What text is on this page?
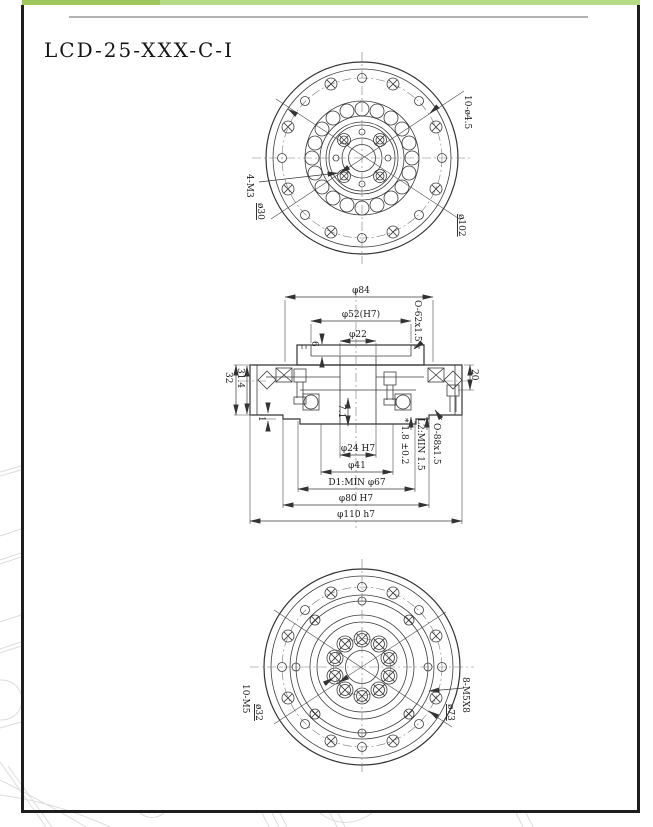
10-ø4.5
4-M3
ø30
ø102
φ84
φ52(H7)
φ22	O-62x1.5
32 31.4
6
20
1
7.1
φ24 H7
φ41
D1:MIN φ67
φ80 H7
φ110 h7
* 1.8 ±0.2 L2:MIN 1.5 O-88x1.5
10-M5 ø32	ø73 8-M5X8
LCD-25-XXX-C-I
